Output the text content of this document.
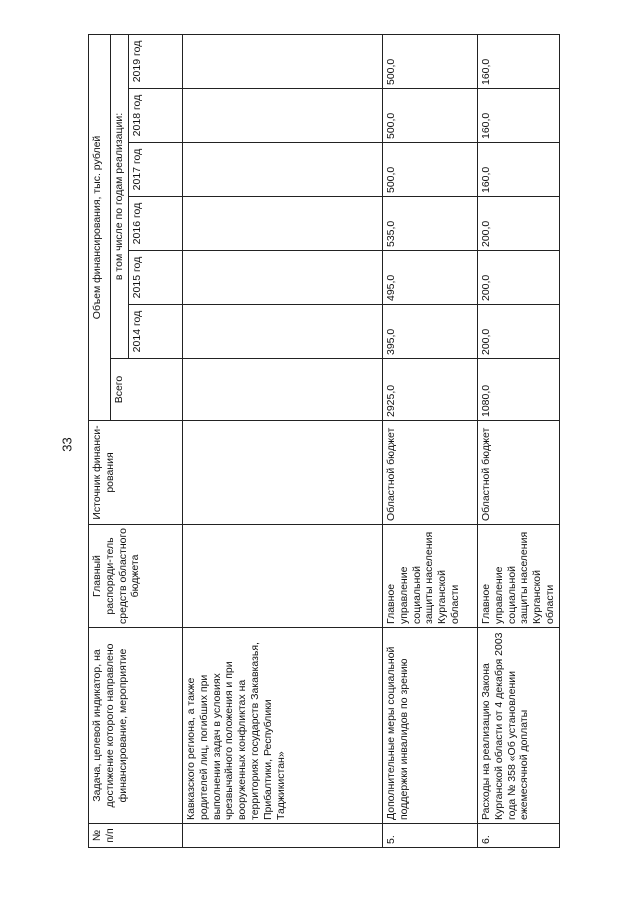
33
№ п/п	Задача, целевой индикатор, на достижение которого направлено финансирование, мероприятие	Главный распоряди-тель средств областного бюджета	Источник финанси-рования	Объем финансирования, тыс. рублей						
				Всего	в том числе по годам реализации:					
					2014 год	2015 год	2016 год	2017 год	2018 год	2019 год
	Кавказского региона, а также родителей лиц, погибших при выполнении задач в условиях чрезвычайного положения и при вооруженных конфликтах на территориях государств Закавказья, Прибалтики, Республики Таджикистан»									
5.	Дополнительные меры социальной поддержки инвалидов по зрению	Главное управление социальной защиты населения Курганской области	Областной бюджет	2925,0	395,0	495,0	535,0	500,0	500,0	500,0
6.	Расходы на реализацию Закона Курганской области от 4 декабря 2003 года № 358 «Об установлении ежемесячной доплаты	Главное управление социальной защиты населения Курганской области	Областной бюджет	1080,0	200,0	200,0	200,0	160,0	160,0	160,0
